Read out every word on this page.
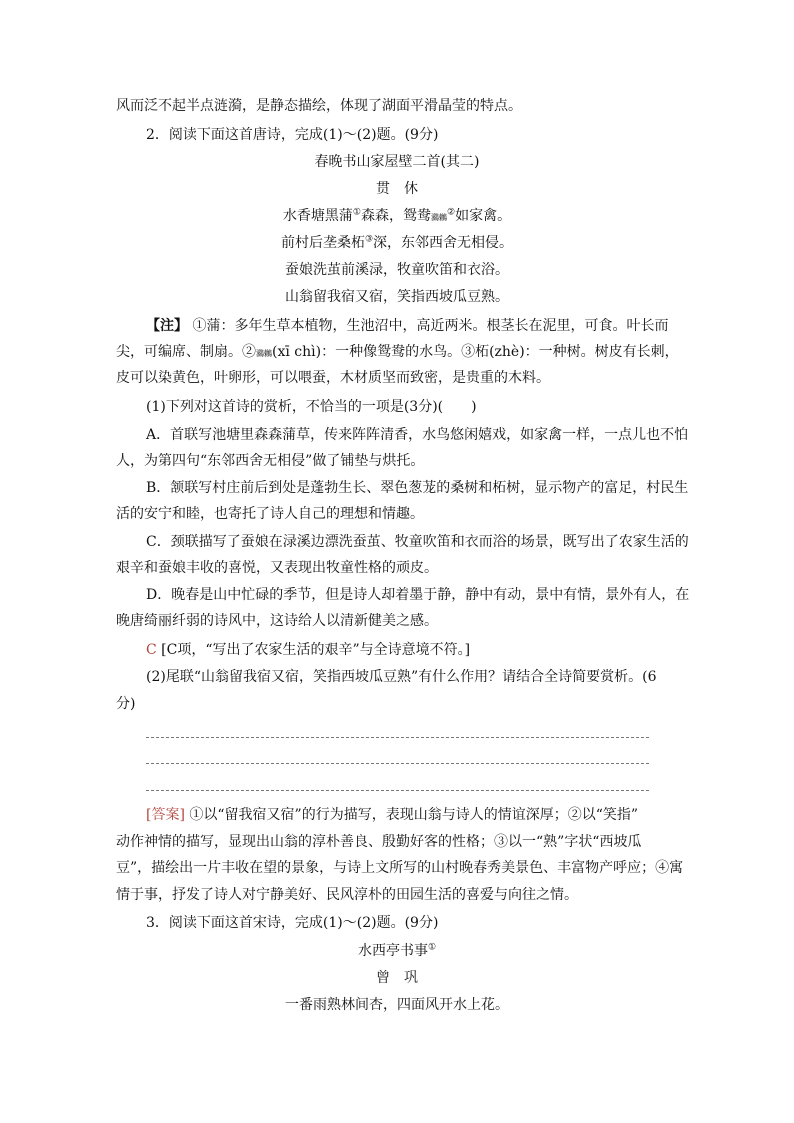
风而泛不起半点涟漪，是静态描绘，体现了湖面平滑晶莹的特点。
2．阅读下面这首唐诗，完成(1)～(2)题。(9分)
春晚书山家屋壁二首(其二)
贯　休
水香塘黑蒲①森森，鸳鸯鸂鶒②如家禽。
前村后垄桑柘③深，东邻西舍无相侵。
蚕娘洗茧前溪渌，牧童吹笛和衣浴。
山翁留我宿又宿，笑指西坡瓜豆熟。
【注】 ①蒲：多年生草本植物，生池沼中，高近两米。根茎长在泥里，可食。叶长而
尖，可编席、制扇。②鸂鶒(xī chì)：一种像鸳鸯的水鸟。③柘(zhè)：一种树。树皮有长刺，
皮可以染黄色，叶卵形，可以喂蚕，木材质坚而致密，是贵重的木料。
(1)下列对这首诗的赏析，不恰当的一项是(3分)(　　)
A．首联写池塘里森森蒲草，传来阵阵清香，水鸟悠闲嬉戏，如家禽一样，一点儿也不怕
人，为第四句“东邻西舍无相侵”做了铺垫与烘托。
B．颔联写村庄前后到处是蓬勃生长、翠色葱茏的桑树和柘树，显示物产的富足，村民生
活的安宁和睦，也寄托了诗人自己的理想和情趣。
C．颈联描写了蚕娘在渌溪边漂洗蚕茧、牧童吹笛和衣而浴的场景，既写出了农家生活的
艰辛和蚕娘丰收的喜悦，又表现出牧童性格的顽皮。
D．晚春是山中忙碌的季节，但是诗人却着墨于静，静中有动，景中有情，景外有人，在
晚唐绮丽纤弱的诗风中，这诗给人以清新健美之感。
C [C项，“写出了农家生活的艰辛”与全诗意境不符。]
(2)尾联“山翁留我宿又宿，笑指西坡瓜豆熟”有什么作用？请结合全诗简要赏析。(6
分)
[答案] ①以“留我宿又宿”的行为描写，表现山翁与诗人的情谊深厚；②以“笑指”
动作神情的描写，显现出山翁的淳朴善良、殷勤好客的性格；③以一“熟”字状“西坡瓜
豆”，描绘出一片丰收在望的景象，与诗上文所写的山村晚春秀美景色、丰富物产呼应；④寓
情于事，抒发了诗人对宁静美好、民风淳朴的田园生活的喜爱与向往之情。
3．阅读下面这首宋诗，完成(1)～(2)题。(9分)
水西亭书事①
曾　巩
一番雨熟林间杏，四面风开水上花。
